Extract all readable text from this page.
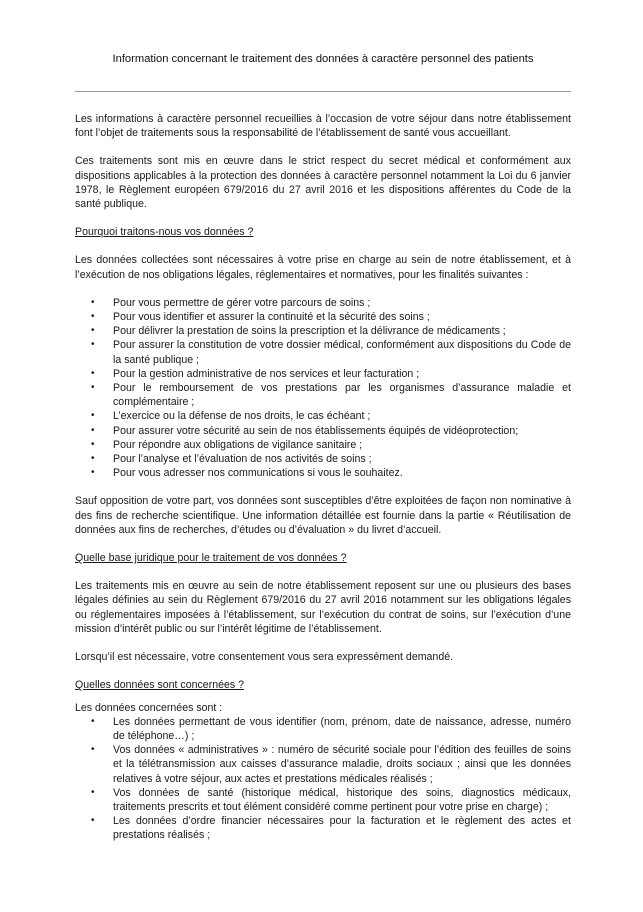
Information concernant le traitement des données à caractère personnel des patients

Les informations à caractère personnel recueillies à l’occasion de votre séjour dans notre établissement font l’objet de traitements sous la responsabilité de l’établissement de santé vous accueillant.

Ces traitements sont mis en œuvre dans le strict respect du secret médical et conformément aux dispositions applicables à la protection des données à caractère personnel notamment la Loi du 6 janvier 1978, le Règlement européen 679/2016 du 27 avril 2016 et les dispositions afférentes du Code de la santé publique.

Pourquoi traitons-nous vos données ?

Les données collectées sont nécessaires à votre prise en charge au sein de notre établissement, et à l’exécution de nos obligations légales, réglementaires et normatives, pour les finalités suivantes :

• Pour vous permettre de gérer votre parcours de soins ;
• Pour vous identifier et assurer la continuité et la sécurité des soins ;
• Pour délivrer la prestation de soins la prescription et la délivrance de médicaments ;
• Pour assurer la constitution de votre dossier médical, conformément aux dispositions du Code de la santé publique ;
• Pour la gestion administrative de nos services et leur facturation ;
• Pour le remboursement de vos prestations par les organismes d’assurance maladie et complémentaire ;
• L’exercice ou la défense de nos droits, le cas échéant ;
• Pour assurer votre sécurité au sein de nos établissements équipés de vidéoprotection;
• Pour répondre aux obligations de vigilance sanitaire ;
• Pour l’analyse et l’évaluation de nos activités de soins ;
• Pour vous adresser nos communications si vous le souhaitez.

Sauf opposition de votre part, vos données sont susceptibles d’être exploitées de façon non nominative à des fins de recherche scientifique. Une information détaillée est fournie dans la partie « Réutilisation de données aux fins de recherches, d’études ou d’évaluation » du livret d’accueil.

Quelle base juridique pour le traitement de vos données ?

Les traitements mis en œuvre au sein de notre établissement reposent sur une ou plusieurs des bases légales définies au sein du Règlement 679/2016 du 27 avril 2016 notamment sur les obligations légales ou réglementaires imposées à l’établissement, sur l’exécution du contrat de soins, sur l’exécution d’une mission d’intérêt public ou sur l’intérêt légitime de l’établissement.

Lorsqu’il est nécessaire, votre consentement vous sera expressément demandé.

Quelles données sont concernées ?

Les données concernées sont :

• Les données permettant de vous identifier (nom, prénom, date de naissance, adresse, numéro de téléphone…) ;
• Vos données « administratives » : numéro de sécurité sociale pour l’édition des feuilles de soins et la télétransmission aux caisses d’assurance maladie, droits sociaux ; ainsi que les données relatives à votre séjour, aux actes et prestations médicales réalisés ;
• Vos données de santé (historique médical, historique des soins, diagnostics médicaux, traitements prescrits et tout élément considéré comme pertinent pour votre prise en charge) ;
• Les données d’ordre financier nécessaires pour la facturation et le règlement des actes et prestations réalisés ;
